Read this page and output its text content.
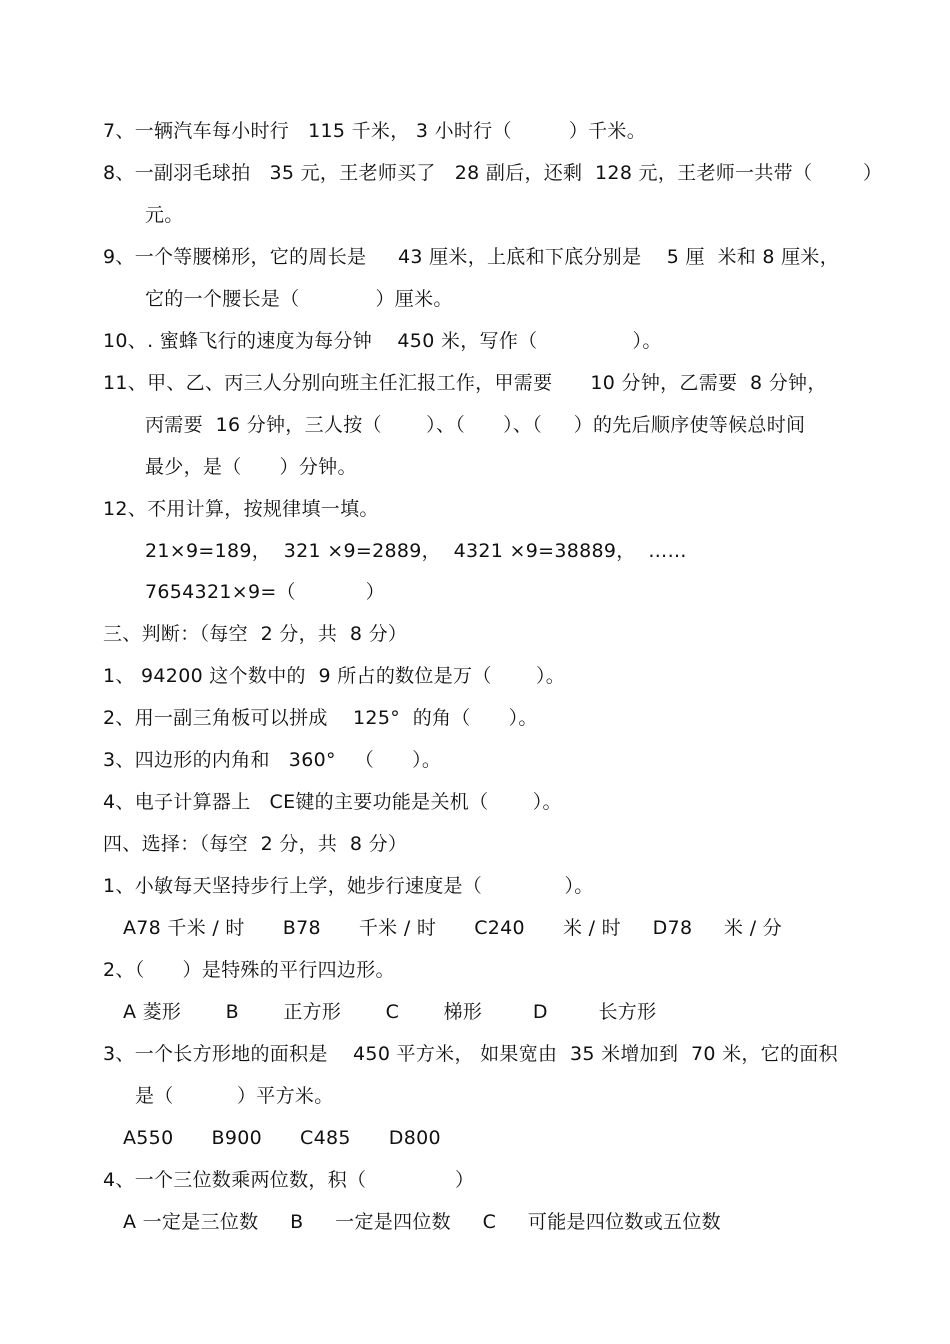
7、一辆汽车每小时行   115 千米， 3 小时行（         ）千米。
8、一副羽毛球拍   35 元，王老师买了   28 副后，还剩  128 元，王老师一共带（        ）
元。
9、一个等腰梯形，它的周长是     43 厘米，上底和下底分别是    5 厘  米和 8 厘米，
它的一个腰长是（            ）厘米。
10、. 蜜蜂飞行的速度为每分钟    450 米，写作（               ）。
11、甲、乙、丙三人分别向班主任汇报工作，甲需要      10 分钟，乙需要  8 分钟，
丙需要  16 分钟，三人按（       ）、（      ）、（     ）的先后顺序使等候总时间
最少，是（      ）分钟。
12、不用计算，按规律填一填。
21×9=189，  321 ×9=2889，  4321 ×9=38889，  ……
7654321×9=（           ）
三、判断：（每空  2 分，共  8 分）
1、 94200 这个数中的  9 所占的数位是万（       ）。
2、用一副三角板可以拼成    125°  的角（      ）。
3、四边形的内角和   360°   （      ）。
4、电子计算器上   CE键的主要功能是关机（       ）。
四、选择：（每空  2 分，共  8 分）
1、小敏每天坚持步行上学，她步行速度是（             ）。
A78 千米 / 时      B78      千米 / 时      C240      米 / 时     D78     米 / 分
2、（      ）是特殊的平行四边形。
A 菱形       B       正方形       C       梯形        D        长方形
3、一个长方形地的面积是    450 平方米， 如果宽由  35 米增加到  70 米，它的面积
是（          ）平方米。
A550      B900      C485      D800
4、一个三位数乘两位数，积（              ）
A 一定是三位数     B     一定是四位数     C     可能是四位数或五位数
